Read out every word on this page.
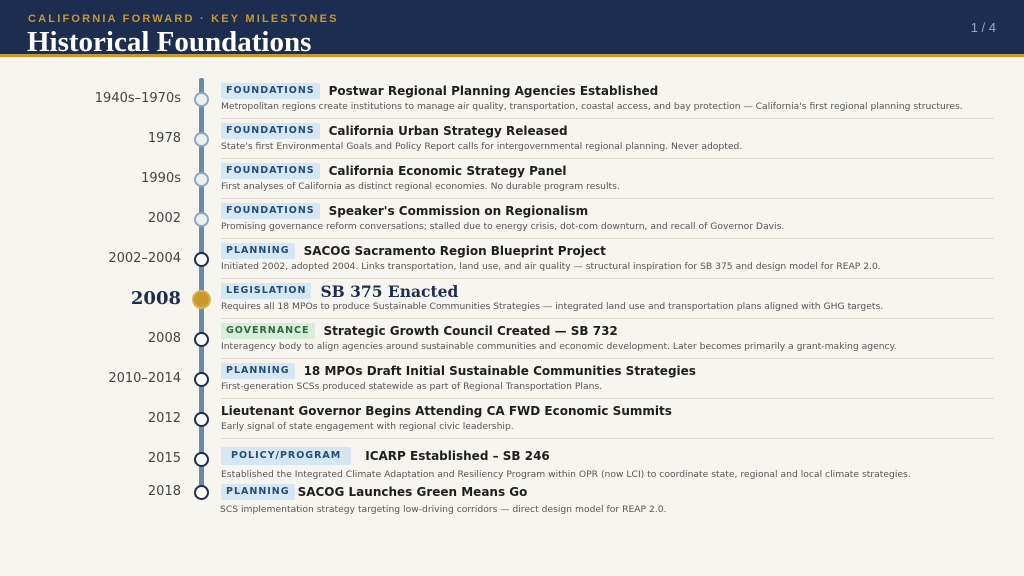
CALIFORNIA FORWARD · KEY MILESTONES
Historical Foundations	1 / 4
1940s–1970s
FOUNDATIONS	Postwar Regional Planning Agencies Established
Metropolitan regions create institutions to manage air quality, transportation, coastal access, and bay protection — California's first regional planning structures.
1978
FOUNDATIONS	California Urban Strategy Released
State's first Environmental Goals and Policy Report calls for intergovernmental regional planning. Never adopted.
1990s
FOUNDATIONS	California Economic Strategy Panel
First analyses of California as distinct regional economies. No durable program results.
2002
FOUNDATIONS	Speaker's Commission on Regionalism
Promising governance reform conversations; stalled due to energy crisis, dot-com downturn, and recall of Governor Davis.
2002–2004
PLANNING	SACOG Sacramento Region Blueprint Project
Initiated 2002, adopted 2004. Links transportation, land use, and air quality — structural inspiration for SB 375 and design model for REAP 2.0.
2008	LEGISLATION SB 375 Enacted
Requires all 18 MPOs to produce Sustainable Communities Strategies — integrated land use and transportation plans aligned with GHG targets.
2008
GOVERNANCE	Strategic Growth Council Created — SB 732
Interagency body to align agencies around sustainable communities and economic development. Later becomes primarily a grant-making agency.
2010–2014
PLANNING	18 MPOs Draft Initial Sustainable Communities Strategies
First-generation SCSs produced statewide as part of Regional Transportation Plans.
2012	Lieutenant Governor Begins Attending CA FWD Economic Summits
Early signal of state engagement with regional civic leadership.
2015	POLICY/PROGRAM	ICARP Established – SB 246
Established the Integrated Climate Adaptation and Resiliency Program within OPR (now LCI) to coordinate state, regional and local climate strategies.
2018	PLANNING SACOG Launches Green Means Go
SCS implementation strategy targeting low-driving corridors — direct design model for REAP 2.0.
